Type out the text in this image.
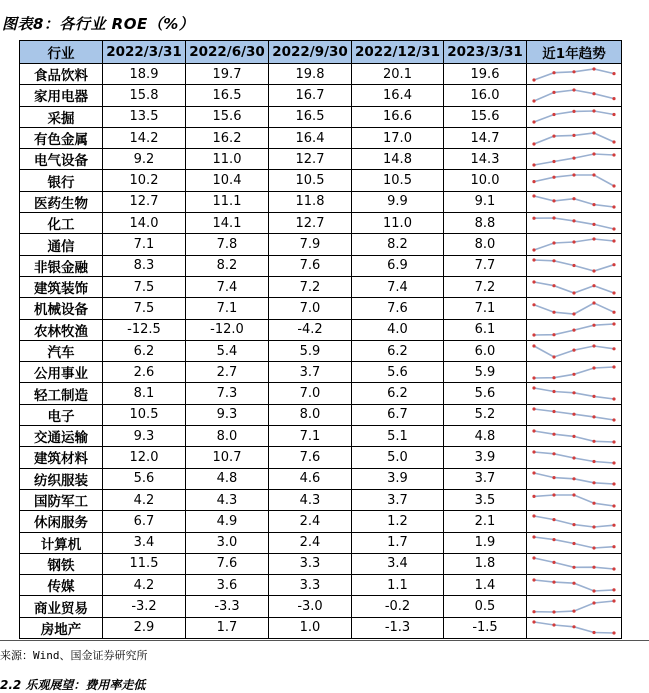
图表8：各行业 ROE（%）
行业	2022/3/31	2022/6/30	2022/9/30	2022/12/31	2023/3/31	近1年趋势
食品饮料	18.9	19.7	19.8	20.1	19.6	

家用电器	15.8	16.5	16.7	16.4	16.0	

采掘	13.5	15.6	16.5	16.6	15.6	

有色金属	14.2	16.2	16.4	17.0	14.7	

电气设备	9.2	11.0	12.7	14.8	14.3	

银行	10.2	10.4	10.5	10.5	10.0	

医药生物	12.7	11.1	11.8	9.9	9.1	

化工	14.0	14.1	12.7	11.0	8.8	

通信	7.1	7.8	7.9	8.2	8.0	

非银金融	8.3	8.2	7.6	6.9	7.7	

建筑装饰	7.5	7.4	7.2	7.4	7.2	

机械设备	7.5	7.1	7.0	7.6	7.1	

农林牧渔	-12.5	-12.0	-4.2	4.0	6.1	

汽车	6.2	5.4	5.9	6.2	6.0	

公用事业	2.6	2.7	3.7	5.6	5.9	

轻工制造	8.1	7.3	7.0	6.2	5.6	

电子	10.5	9.3	8.0	6.7	5.2	

交通运输	9.3	8.0	7.1	5.1	4.8	

建筑材料	12.0	10.7	7.6	5.0	3.9	

纺织服装	5.6	4.8	4.6	3.9	3.7	

国防军工	4.2	4.3	4.3	3.7	3.5	

休闲服务	6.7	4.9	2.4	1.2	2.1	

计算机	3.4	3.0	2.4	1.7	1.9	

钢铁	11.5	7.6	3.3	3.4	1.8	

传媒	4.2	3.6	3.3	1.1	1.4	

商业贸易	-3.2	-3.3	-3.0	-0.2	0.5	

房地产	2.9	1.7	1.0	-1.3	-1.5	
来源：Wind、国金证券研究所
2.2 乐观展望：费用率走低
